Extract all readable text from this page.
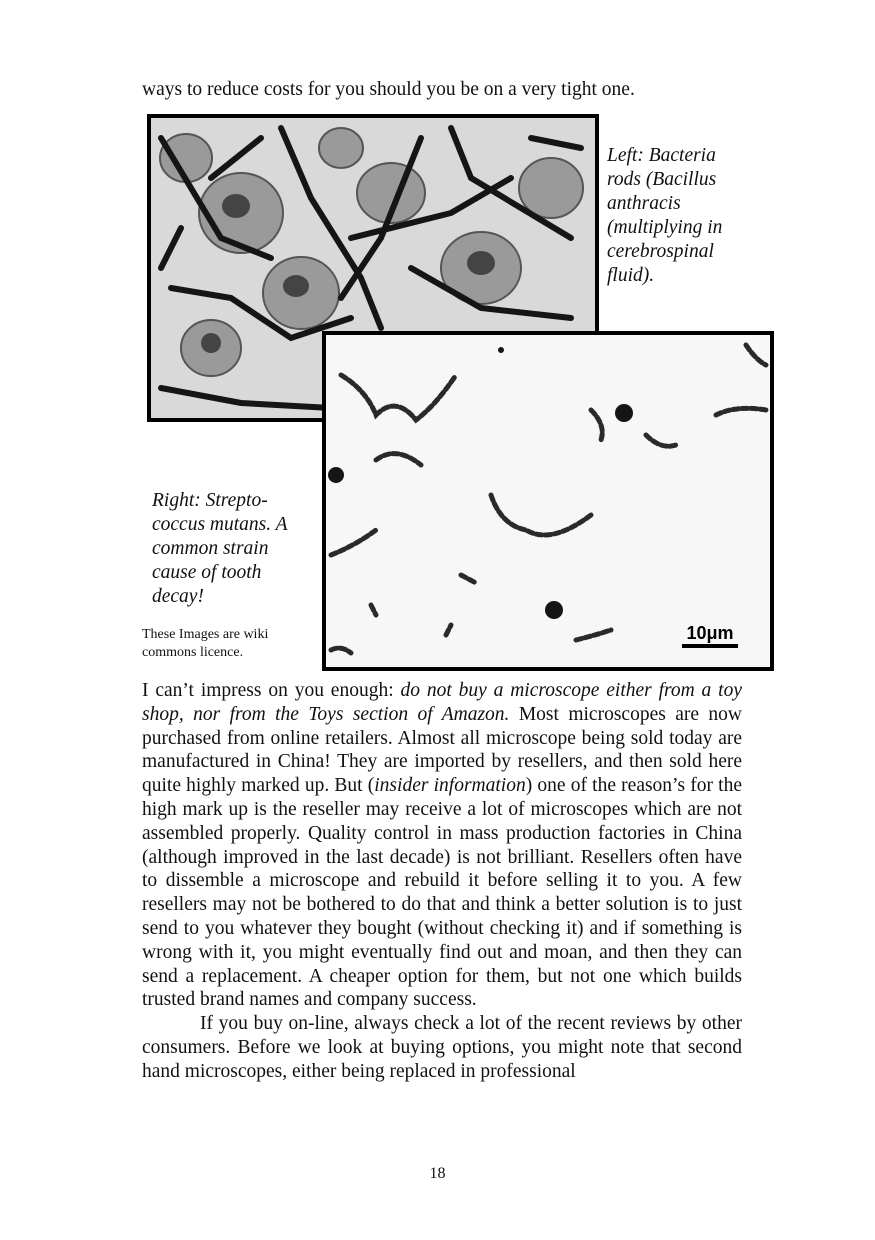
ways to reduce costs for you should you be on a very tight one.
Left: Bacteria rods (Bacillus anthracis (multiplying in cerebrospinal fluid).
10μm
Right: Strepto-coccus mutans. A common strain cause of tooth decay!
These Images are wiki commons licence.

I can’t impress on you enough: do not buy a microscope either from a toy shop, nor from the Toys section of Amazon. Most microscopes are now purchased from online retailers. Almost all microscope being sold today are manufactured in China! They are imported by resellers, and then sold here quite highly marked up. But (insider information) one of the reason’s for the high mark up is the reseller may receive a lot of microscopes which are not assembled properly. Quality control in mass production factories in China (although improved in the last decade) is not brilliant. Resellers often have to dissemble a microscope and rebuild it before selling it to you. A few resellers may not be bothered to do that and think a better solution is to just send to you whatever they bought (without checking it) and if something is wrong with it, you might eventually find out and moan, and then they can send a replacement. A cheaper option for them, but not one which builds trusted brand names and company success.

If you buy on-line, always check a lot of the recent reviews by other consumers. Before we look at buying options, you might note that second hand microscopes, either being replaced in professional

18
